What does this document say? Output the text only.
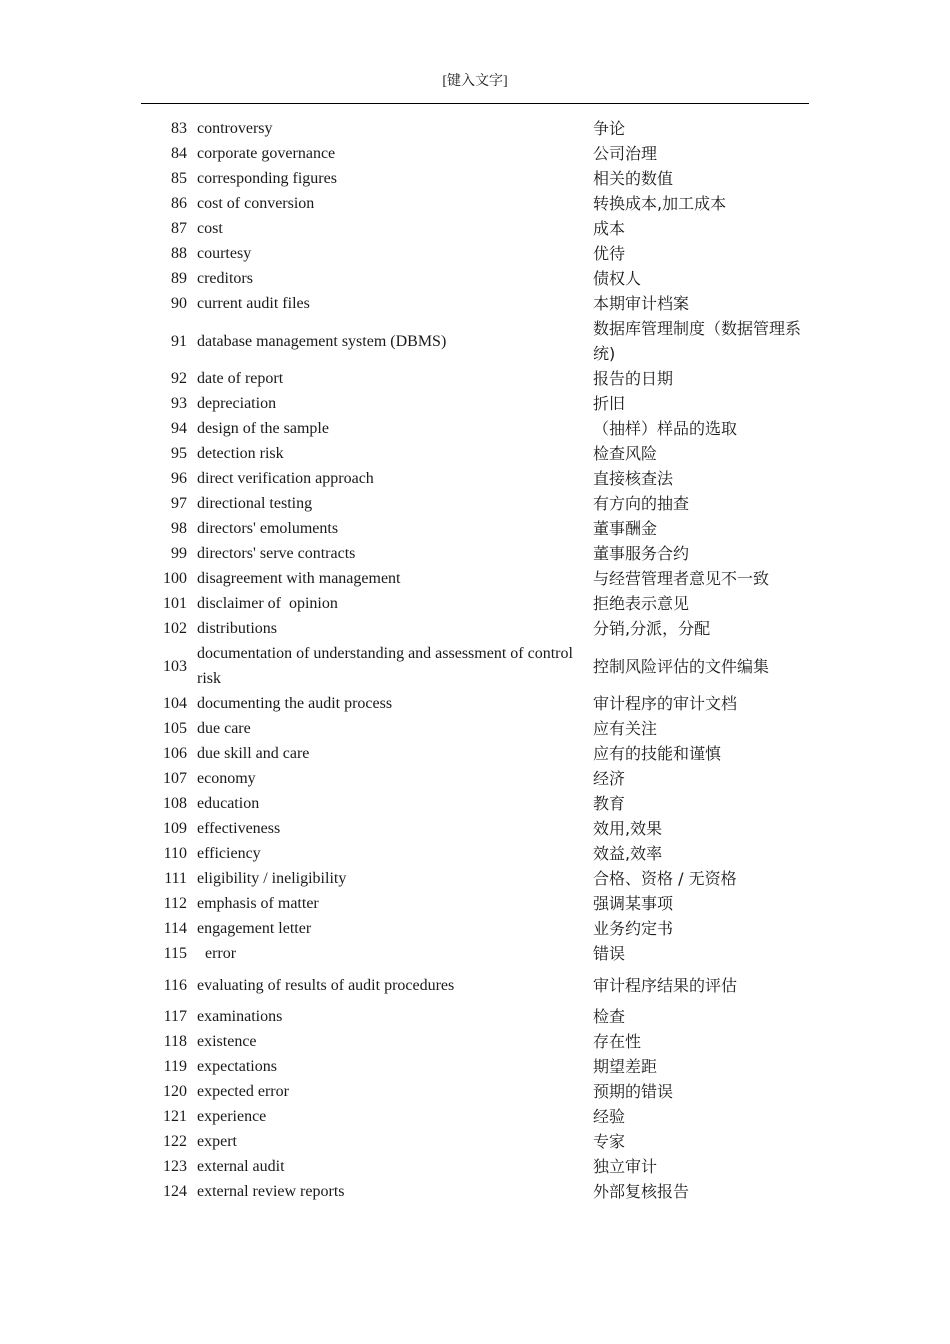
[键入文字]
83	controversy	争论
84	corporate governance	公司治理
85	corresponding figures	相关的数值
86	cost of conversion	转换成本,加工成本
87	cost	成本
88	courtesy	优待
89	creditors	债权人
90	current audit files	本期审计档案
91	database management system (DBMS)	数据库管理制度（数据管理系统)
92	date of report	报告的日期
93	depreciation	折旧
94	design of the sample	（抽样）样品的选取
95	detection risk	检查风险
96	direct verification approach	直接核查法
97	directional testing	有方向的抽查
98	directors' emoluments	董事酬金
99	directors' serve contracts	董事服务合约
100	disagreement with management	与经营管理者意见不一致
101	disclaimer of  opinion	拒绝表示意见
102	distributions	分销,分派，分配
103	documentation of understanding and assessment of control risk	控制风险评估的文件编集
104	documenting the audit process	审计程序的审计文档
105	due care	应有关注
106	due skill and care	应有的技能和谨慎
107	economy	经济
108	education	教育
109	effectiveness	效用,效果
110	efficiency	效益,效率
111	eligibility / ineligibility	合格、资格 / 无资格
112	emphasis of matter	强调某事项
114	engagement letter	业务约定书
115	error	错误
116	evaluating of results of audit procedures	审计程序结果的评估
117	examinations	检查
118	existence	存在性
119	expectations	期望差距
120	expected error	预期的错误
121	experience	经验
122	expert	专家
123	external audit	独立审计
124	external review reports	外部复核报告
